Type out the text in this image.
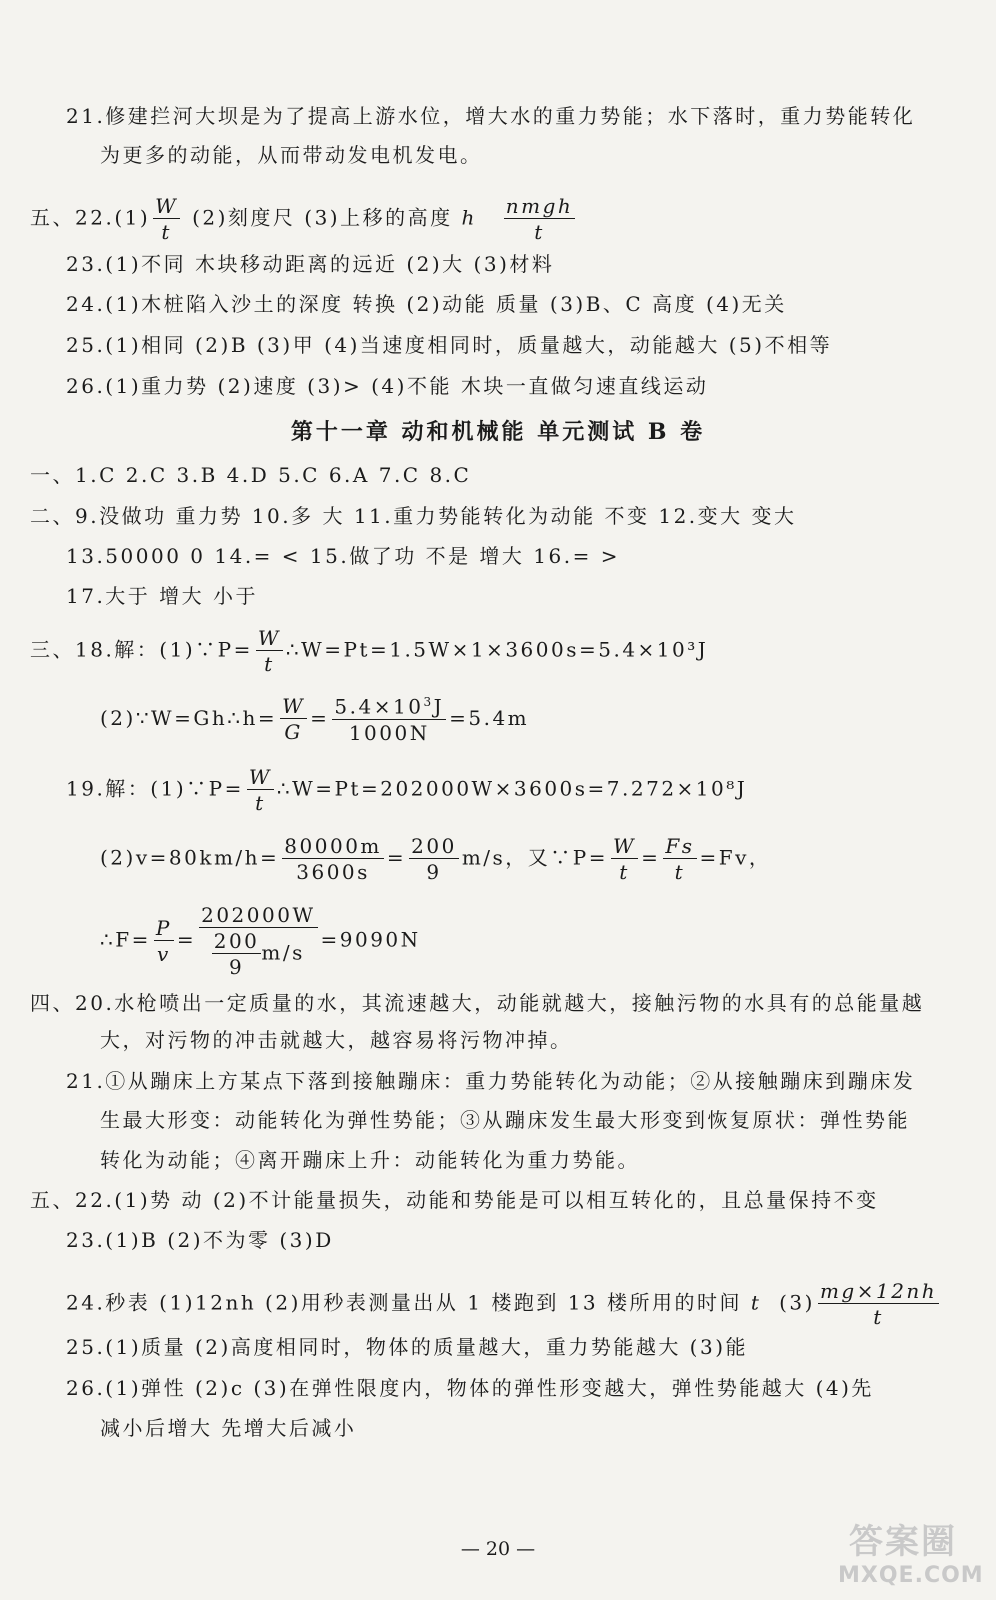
21.修建拦河大坝是为了提高上游水位，增大水的重力势能；水下落时，重力势能转化
为更多的动能，从而带动发电机发电。
五、$22.(1) \frac{W}{t} (2)$刻度尺 (3)上移的高度 h $\frac{\text{nmgh}}{t}$
23.(1)不同 木块移动距离的远近 (2)大 (3)材料
24.(1)木桩陷入沙土的深度 转换 (2)动能 质量 (3)B、C 高度 (4)无关
25.(1)相同 (2)B (3)甲 (4)当速度相同时，质量越大，动能越大 (5)不相等
26.(1)重力势 (2)速度 (3)> (4)不能 木块一直做匀速直线运动
第十一章 动和机械能 单元测试 B 卷
一、1.C 2.C 3.B 4.D 5.C 6.A 7.C 8.C
二、9.没做功 重力势 10.多 大 11.重力势能转化为动能 不变 12.变大 变大
13.50000 0 14.= < 15.做了功 不是 增大 16.= >
17.大于 增大 小于
三、18.解：(1)∵P= $\frac{W}{t}$ ∴W=Pt=1.5W×1×3600s=5.4×10³J
(2)∵W=Gh∴h= $\frac{W}{G} = \frac{5.4\times 10^3J}{1000N} =5.4m$
19.解：(1)∵P= $\frac{W}{t}$ ∴W=Pt=202000W×3600s=7.272×10⁸J
$(2)v=80km/h= \frac{80000m}{3600s} = \frac{200}{9} m/s$，又∵P= $\frac{W}{t} = \frac{Fs}{t} =Fv$，
∴F= $\frac{P}{v} = \frac{202000W}{\frac{200}{9} m/s} =9090N$
四、20.水枪喷出一定质量的水，其流速越大，动能就越大，接触污物的水具有的总能量越
大，对污物的冲击就越大，越容易将污物冲掉。
21.①从蹦床上方某点下落到接触蹦床：重力势能转化为动能；②从接触蹦床到蹦床发
生最大形变：动能转化为弹性势能；③从蹦床发生最大形变到恢复原状：弹性势能
转化为动能；④离开蹦床上升：动能转化为重力势能。
五、22.(1)势 动 (2)不计能量损失，动能和势能是可以相互转化的，且总量保持不变
23.(1)B (2)不为零 (3)D
24.秒表 (1)12nh (2)用秒表测量出从 1 楼跑到 13 楼所用的时间 t  $(3) \frac{mg\times 12nh}{t}$
25.(1)质量 (2)高度相同时，物体的质量越大，重力势能越大 (3)能
26.(1)弹性 (2)c (3)在弹性限度内，物体的弹性形变越大，弹性势能越大 (4)先
减小后增大 先增大后减小
— 20 —	答案圈
MXQE.COM
